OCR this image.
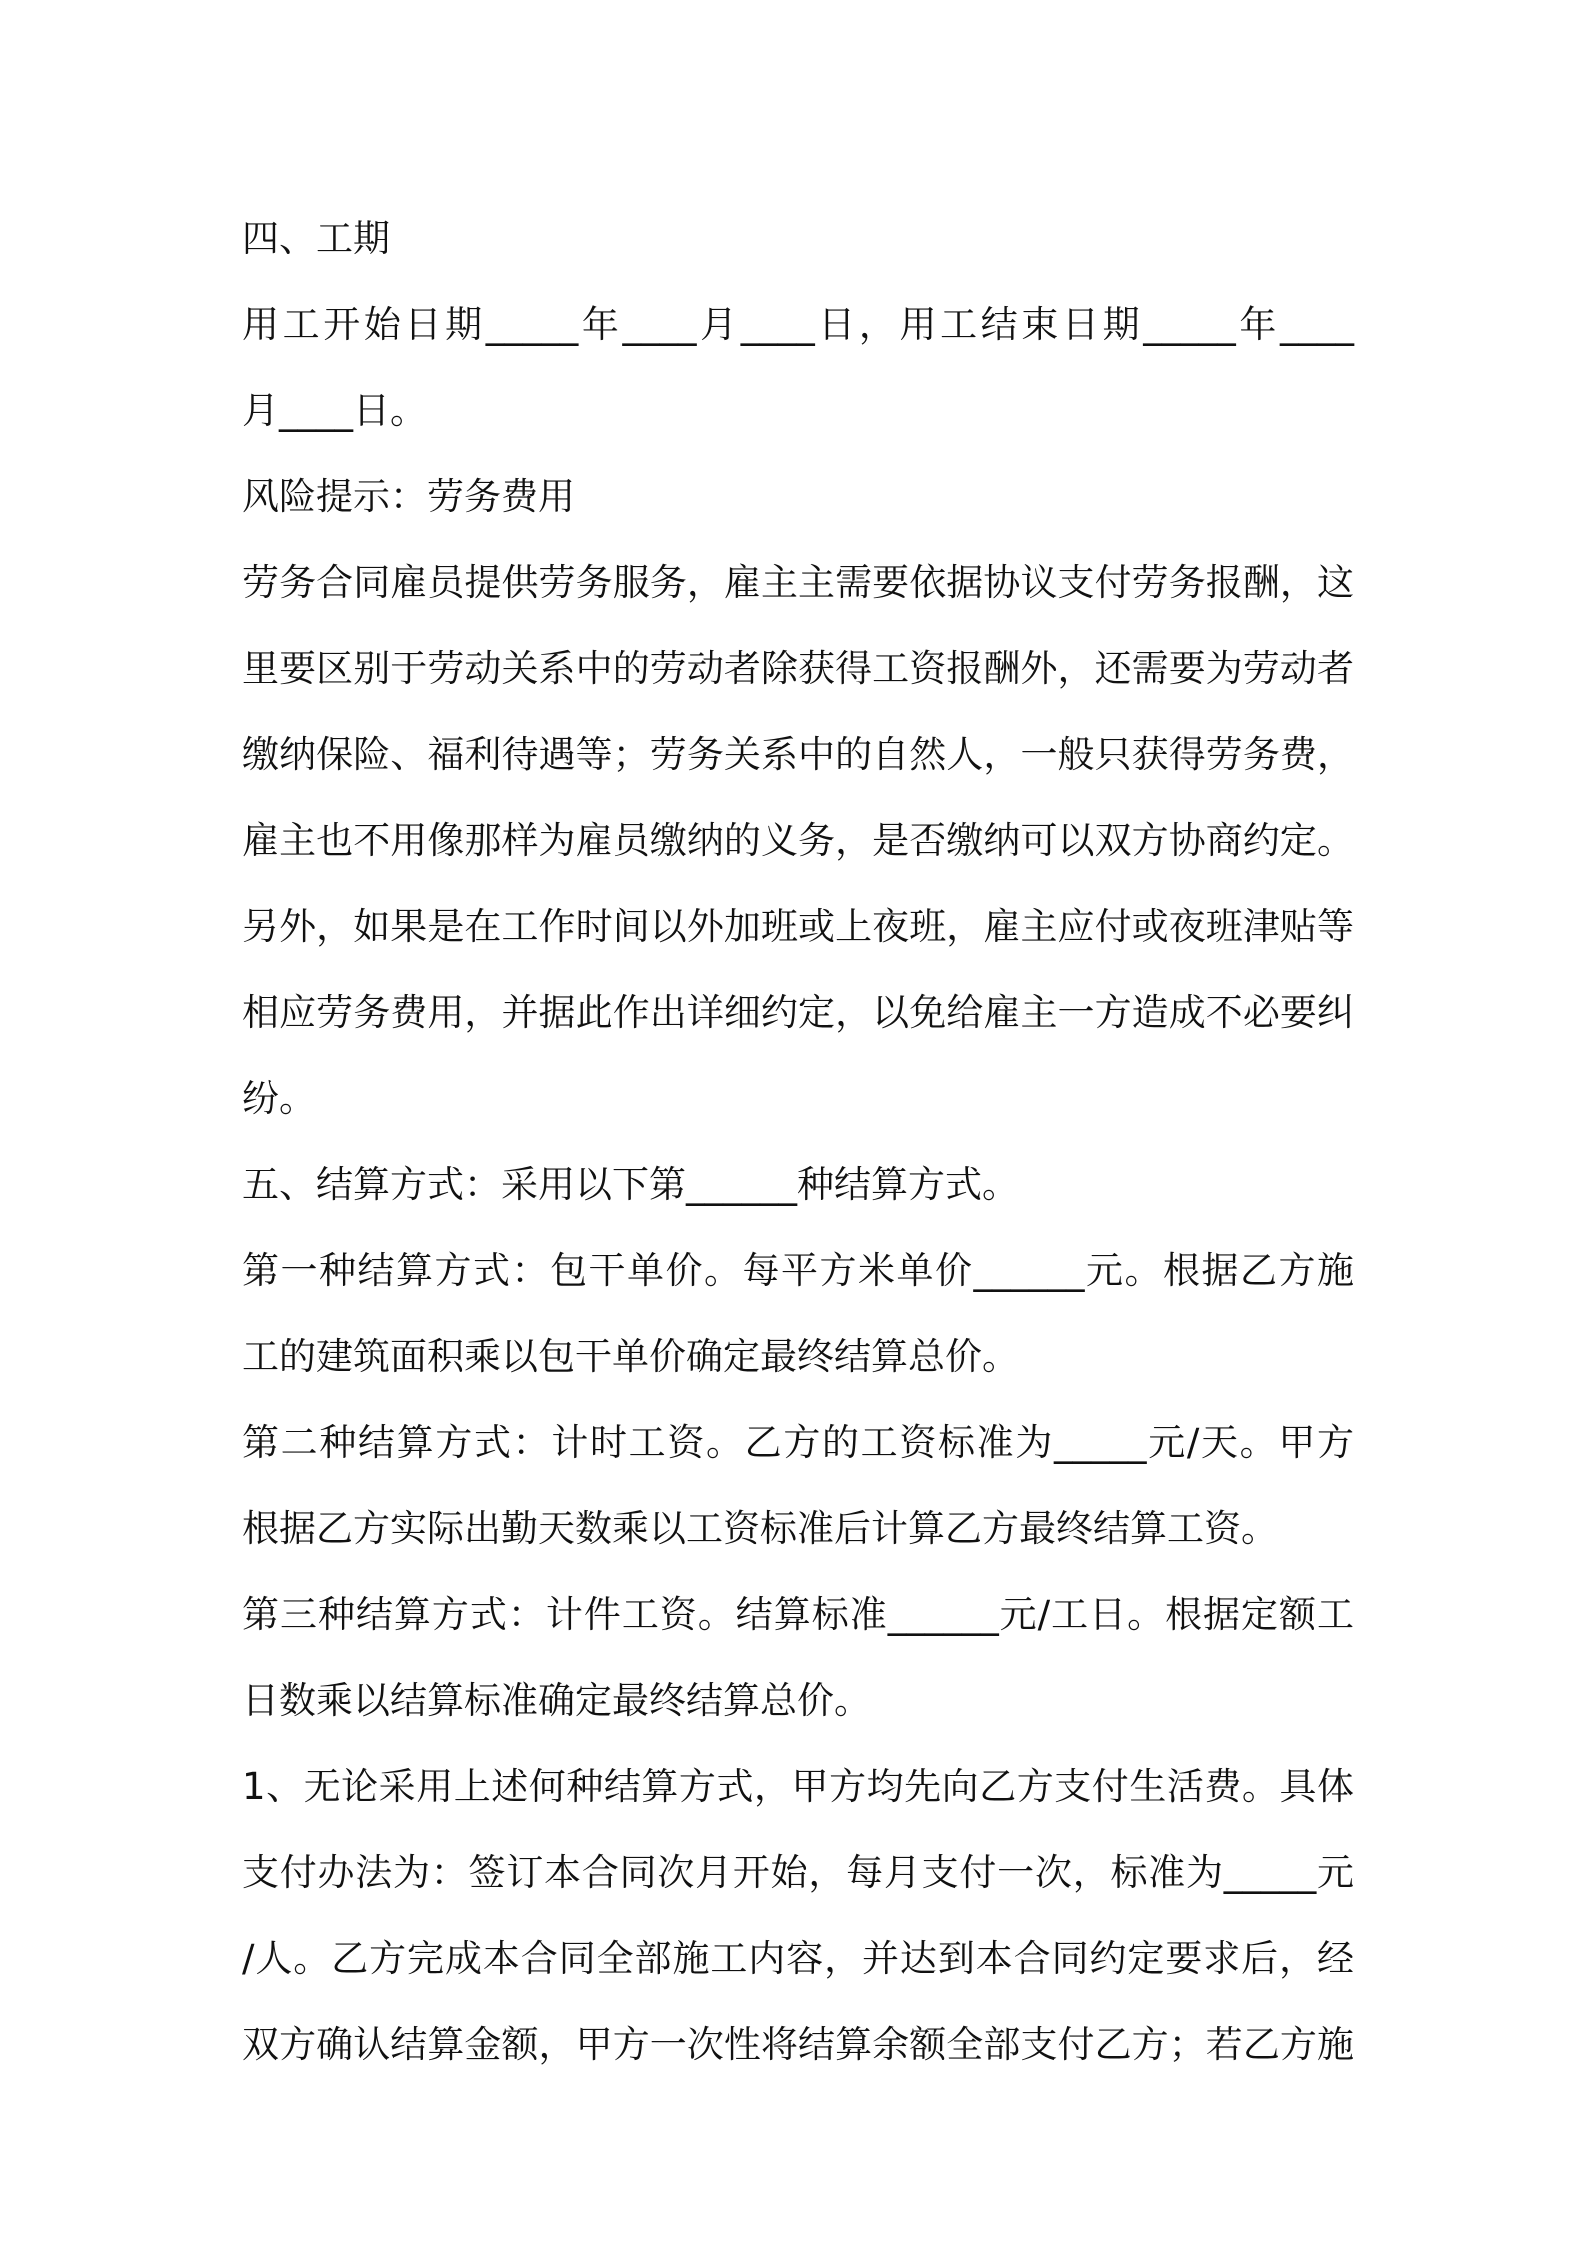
四、工期
用工开始日期_____年____月____日，用工结束日期_____年____
月____日。
风险提示：劳务费用
劳务合同雇员提供劳务服务，雇主主需要依据协议支付劳务报酬，这
里要区别于劳动关系中的劳动者除获得工资报酬外，还需要为劳动者
缴纳保险、福利待遇等；劳务关系中的自然人，一般只获得劳务费，
雇主也不用像那样为雇员缴纳的义务，是否缴纳可以双方协商约定。
另外，如果是在工作时间以外加班或上夜班，雇主应付或夜班津贴等
相应劳务费用，并据此作出详细约定，以免给雇主一方造成不必要纠
纷。
五、结算方式：采用以下第______种结算方式。
第一种结算方式：包干单价。每平方米单价______元。根据乙方施
工的建筑面积乘以包干单价确定最终结算总价。
第二种结算方式：计时工资。乙方的工资标准为_____元/天。甲方
根据乙方实际出勤天数乘以工资标准后计算乙方最终结算工资。
第三种结算方式：计件工资。结算标准______元/工日。根据定额工
日数乘以结算标准确定最终结算总价。
1、无论采用上述何种结算方式，甲方均先向乙方支付生活费。具体
支付办法为：签订本合同次月开始，每月支付一次，标准为_____元
/人。乙方完成本合同全部施工内容，并达到本合同约定要求后，经
双方确认结算金额，甲方一次性将结算余额全部支付乙方；若乙方施
